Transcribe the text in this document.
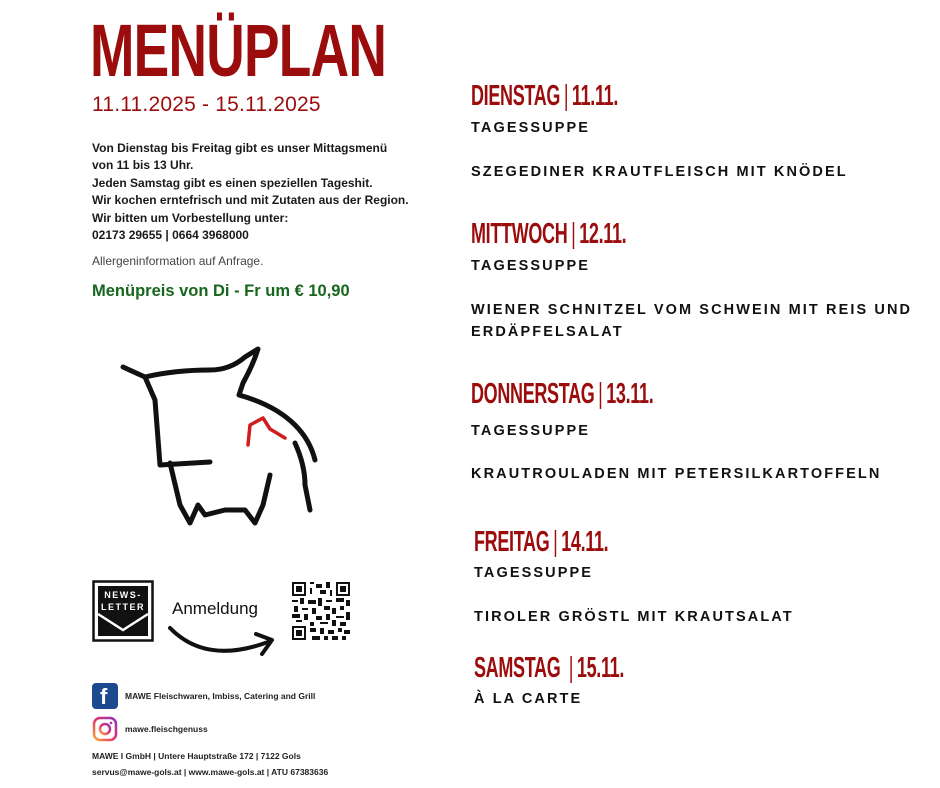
MENÜPLAN
11.11.2025 - 15.11.2025
Von Dienstag bis Freitag gibt es unser Mittagsmenü
von 11 bis 13 Uhr.
Jeden Samstag gibt es einen speziellen Tageshit.
Wir kochen erntefrisch und mit Zutaten aus der Region.
Wir bitten um Vorbestellung unter:
02173 29655 | 0664 3968000
Allergeninformation auf Anfrage.
Menüpreis von Di - Fr um € 10,90
NEWS-
LETTER Anmeldung
f MAWE Fleischwaren, Imbiss, Catering and Grill
mawe.fleischgenuss
MAWE I GmbH | Untere Hauptstraße 172 | 7122 Gols
servus@mawe-gols.at | www.mawe-gols.at | ATU 67383636
DIENSTAG | 11.11.
TAGESSUPPE
SZEGEDINER KRAUTFLEISCH MIT KNÖDEL
MITTWOCH | 12.11.
TAGESSUPPE
WIENER SCHNITZEL VOM SCHWEIN MIT REIS UND
ERDÄPFELSALAT
DONNERSTAG | 13.11.
TAGESSUPPE
KRAUTROULADEN MIT PETERSILKARTOFFELN
FREITAG | 14.11.
TAGESSUPPE
TIROLER GRÖSTL MIT KRAUTSALAT
SAMSTAG | 15.11.
À LA CARTE
